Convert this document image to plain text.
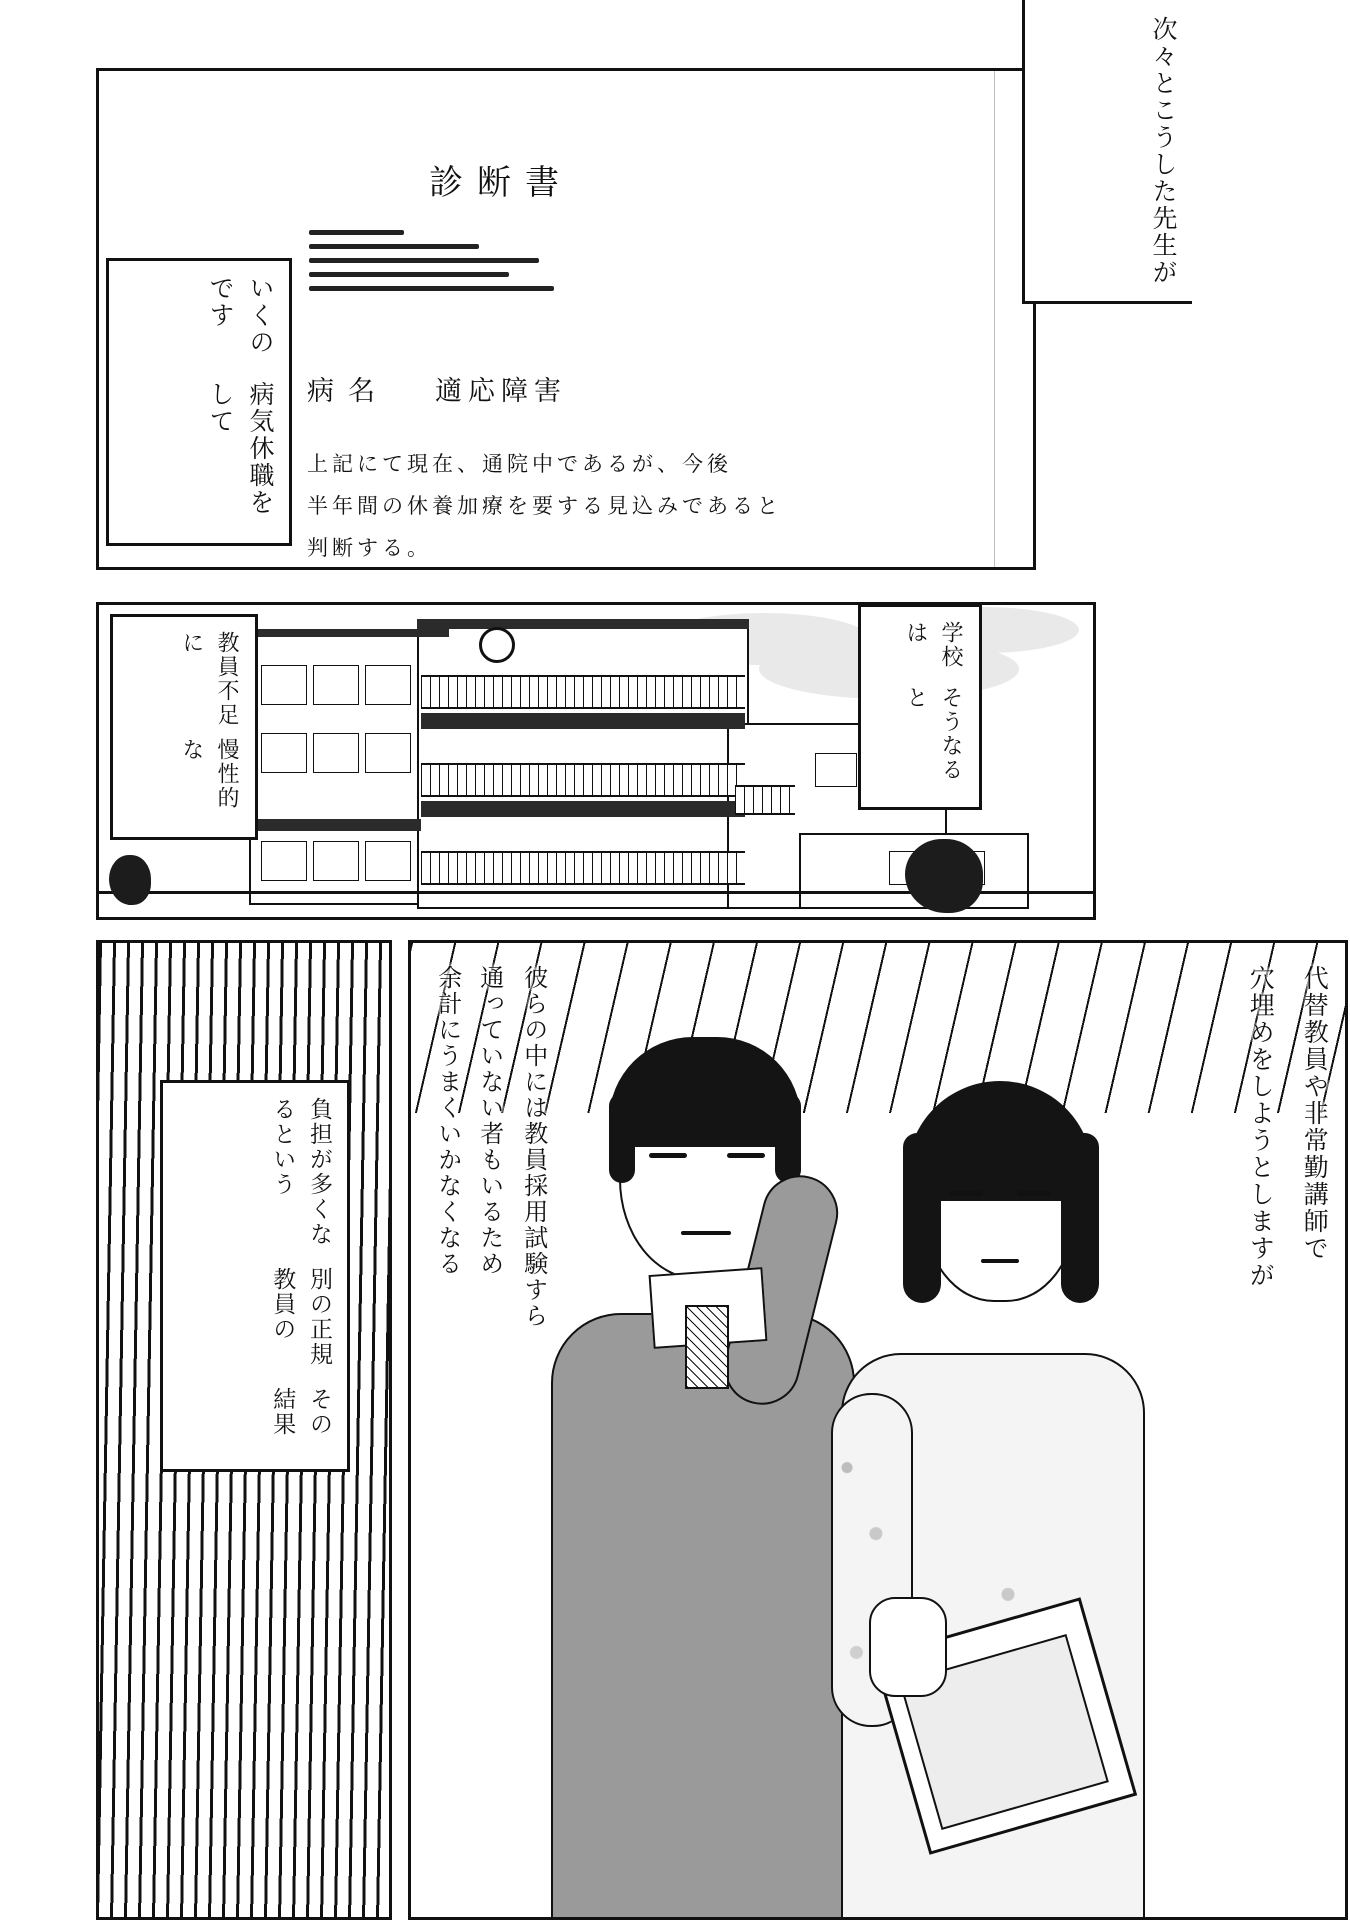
診断書
病名 適応障害
上記にて現在、通院中であるが、今後
半年間の休養加療を要する見込みであると
判断する。
次々と
こうした先生が
いくのです
病気休職をして
教員不足に
慢性的な
学校は
そうなると
負担が多くなるという
別の正規教員の
その結果
余計にうまくいかなくなる 通っていない者もいるため 彼らの中には教員採用試験すら	穴埋めをしようとしますが 代替教員や非常勤講師で
